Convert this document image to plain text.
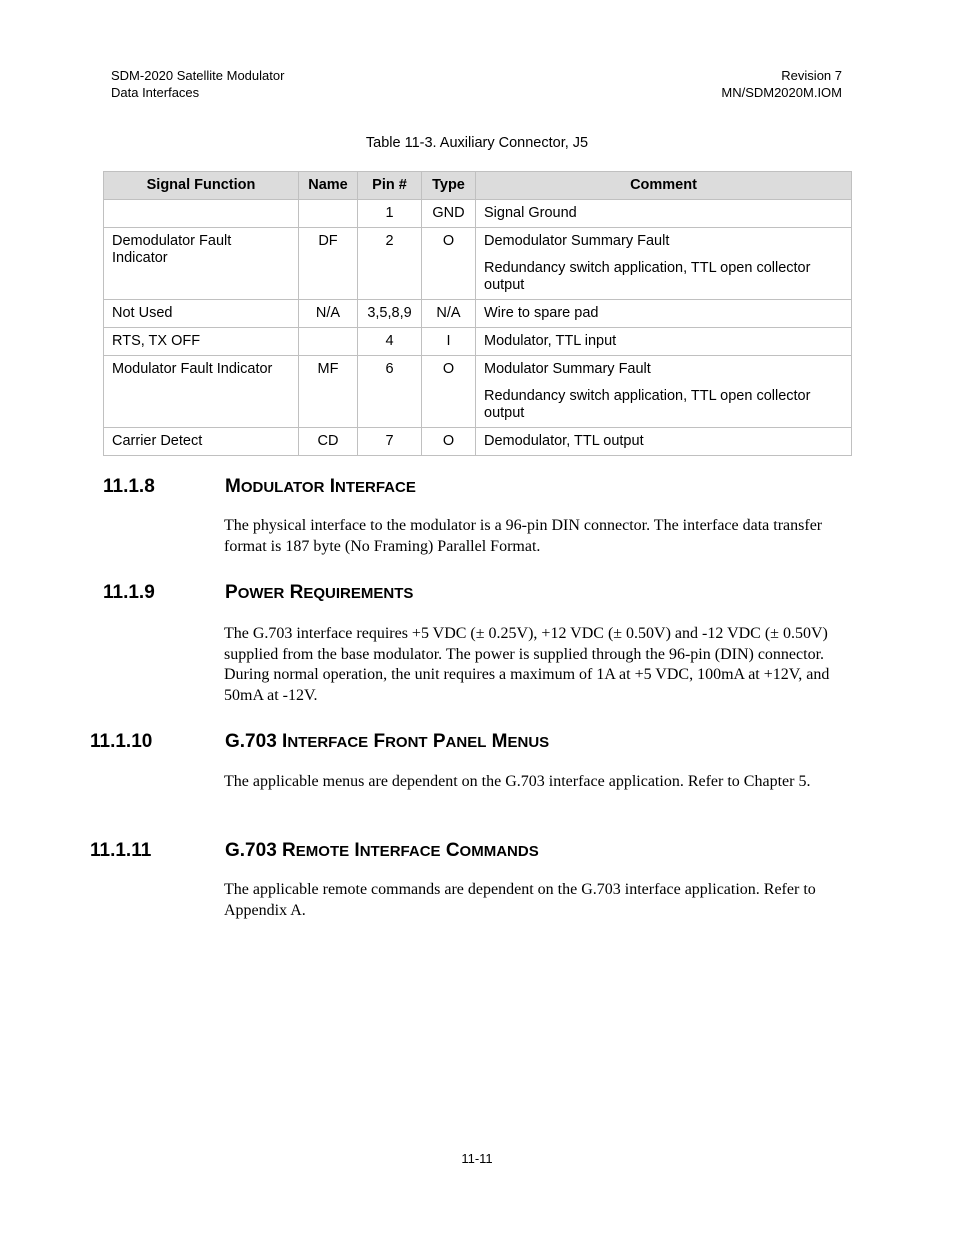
SDM-2020 Satellite Modulator
Data Interfaces
Revision 7
MN/SDM2020M.IOM
Table 11-3. Auxiliary Connector, J5
Signal Function	Name	Pin #	Type	Comment
		1	GND	Signal Ground

Demodulator Fault Indicator	DF	2	O	Demodulator Summary Fault
Redundancy switch application, TTL open collector output

Not Used	N/A	3,5,8,9	N/A	Wire to spare pad

RTS, TX OFF		4	I	Modulator, TTL input

Modulator Fault Indicator	MF	6	O	Modulator Summary Fault
Redundancy switch application, TTL open collector output

Carrier Detect	CD	7	O	Demodulator, TTL output
11.1.8	MODULATOR INTERFACE
The physical interface to the modulator is a 96-pin DIN connector. The interface data transfer format is 187 byte (No Framing) Parallel Format.
11.1.9	POWER REQUIREMENTS
The G.703 interface requires +5 VDC (± 0.25V), +12 VDC (± 0.50V) and -12 VDC (± 0.50V) supplied from the base modulator. The power is supplied through the 96-pin (DIN) connector. During normal operation, the unit requires a maximum of 1A at +5 VDC, 100mA at +12V, and 50mA at -12V.
11.1.10	G.703 INTERFACE FRONT PANEL MENUS
The applicable menus are dependent on the G.703 interface application. Refer to Chapter 5.
11.1.11	G.703 REMOTE INTERFACE COMMANDS
The applicable remote commands are dependent on the G.703 interface application. Refer to Appendix A.
11-11
